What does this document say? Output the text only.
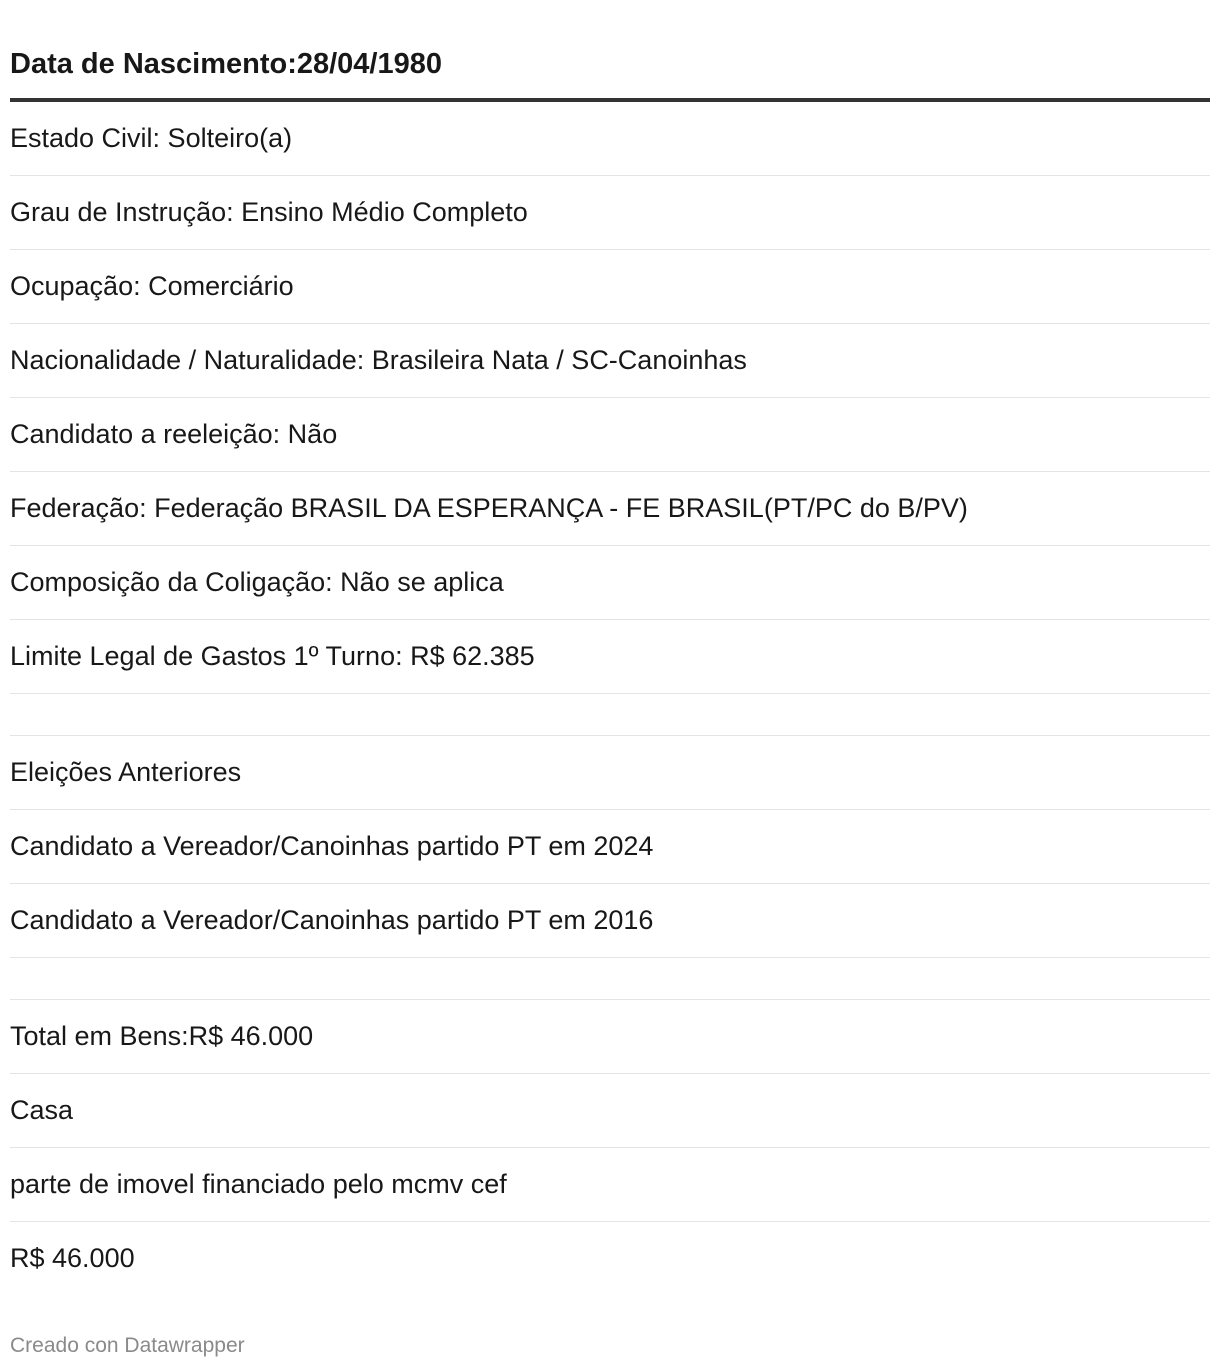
Data de Nascimento:28/04/1980
Estado Civil: Solteiro(a)
Grau de Instrução: Ensino Médio Completo
Ocupação: Comerciário
Nacionalidade / Naturalidade: Brasileira Nata / SC-Canoinhas
Candidato a reeleição: Não
Federação: Federação BRASIL DA ESPERANÇA - FE BRASIL(PT/PC do B/PV)
Composição da Coligação: Não se aplica
Limite Legal de Gastos 1º Turno: R$ 62.385
Eleições Anteriores
Candidato a Vereador/Canoinhas partido PT em 2024
Candidato a Vereador/Canoinhas partido PT em 2016
Total em Bens:R$ 46.000
Casa
parte de imovel financiado pelo mcmv cef
R$ 46.000
Creado con Datawrapper
